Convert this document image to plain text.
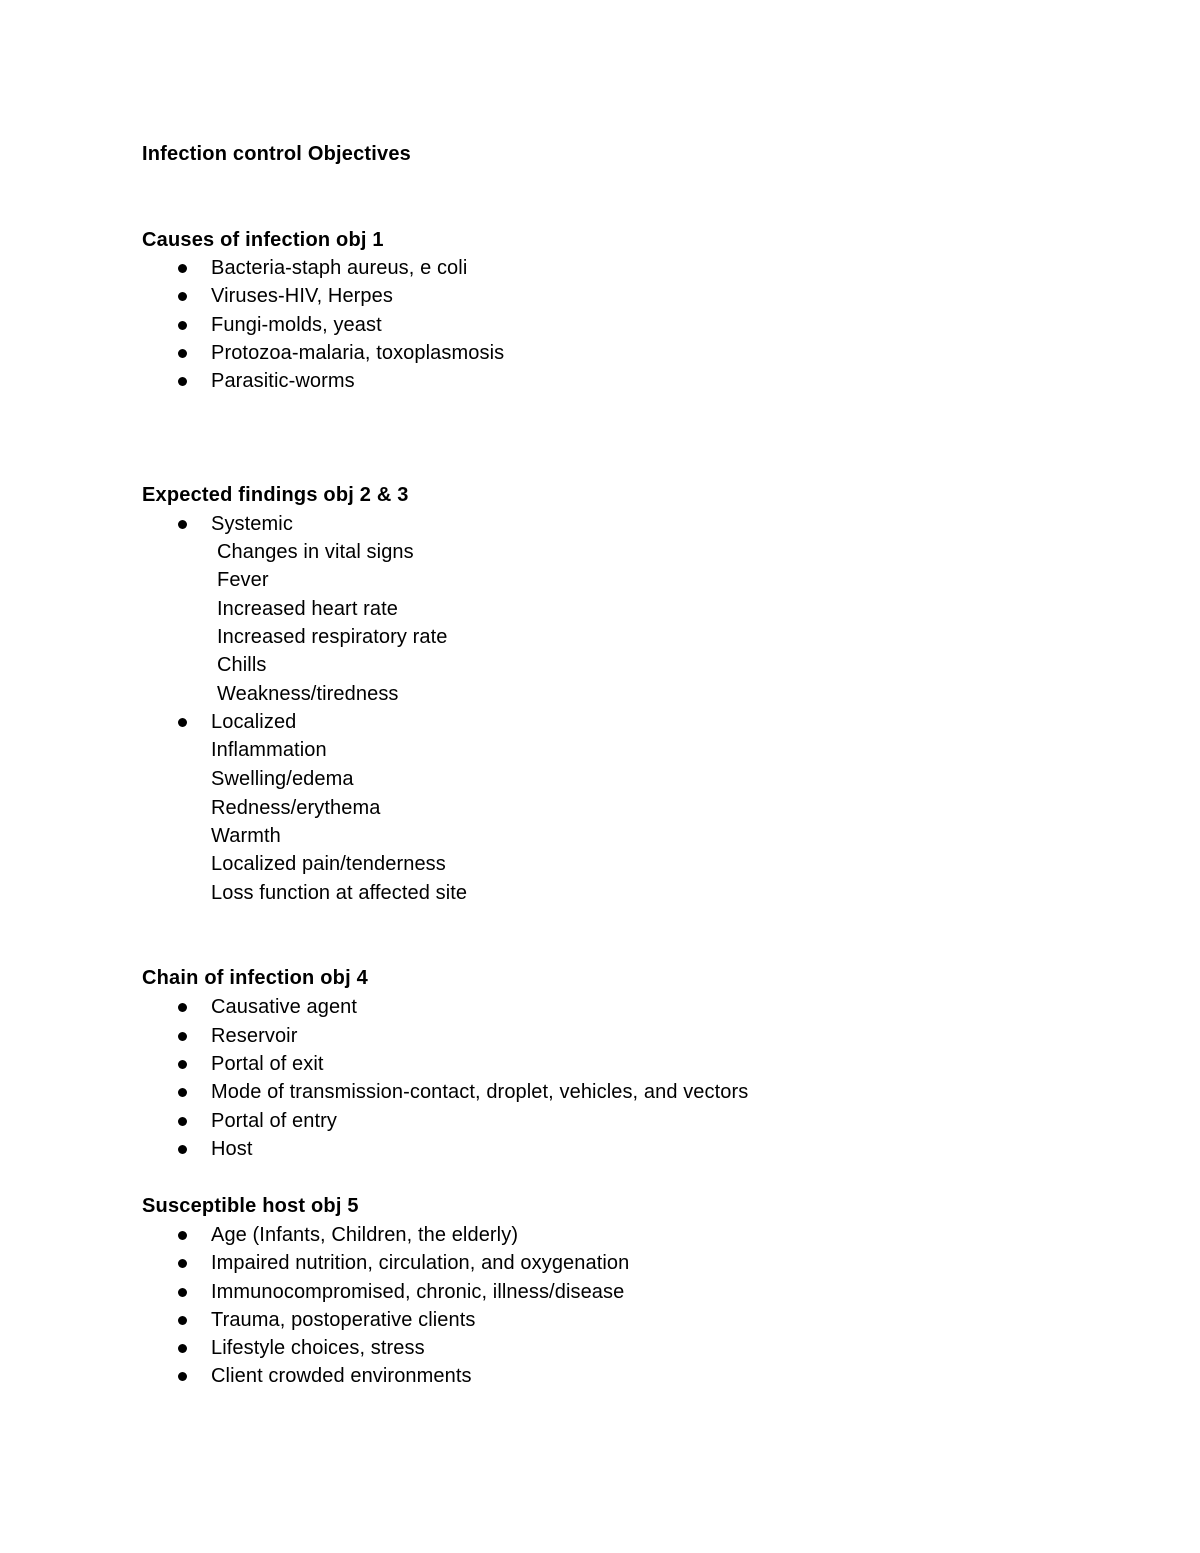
Infection control Objectives
Causes of infection obj 1
Bacteria-staph aureus, e coli
Viruses-HIV, Herpes
Fungi-molds, yeast
Protozoa-malaria, toxoplasmosis
Parasitic-worms
Expected findings obj 2 & 3
Systemic
Changes in vital signs
Fever
Increased heart rate
Increased respiratory rate
Chills
Weakness/tiredness
Localized
Inflammation
Swelling/edema
Redness/erythema
Warmth
Localized pain/tenderness
Loss function at affected site
Chain of infection obj 4
Causative agent
Reservoir
Portal of exit
Mode of transmission-contact, droplet, vehicles, and vectors
Portal of entry
Host
Susceptible host obj 5
Age (Infants, Children, the elderly)
Impaired nutrition, circulation, and oxygenation
Immunocompromised, chronic, illness/disease
Trauma, postoperative clients
Lifestyle choices, stress
Client crowded environments
